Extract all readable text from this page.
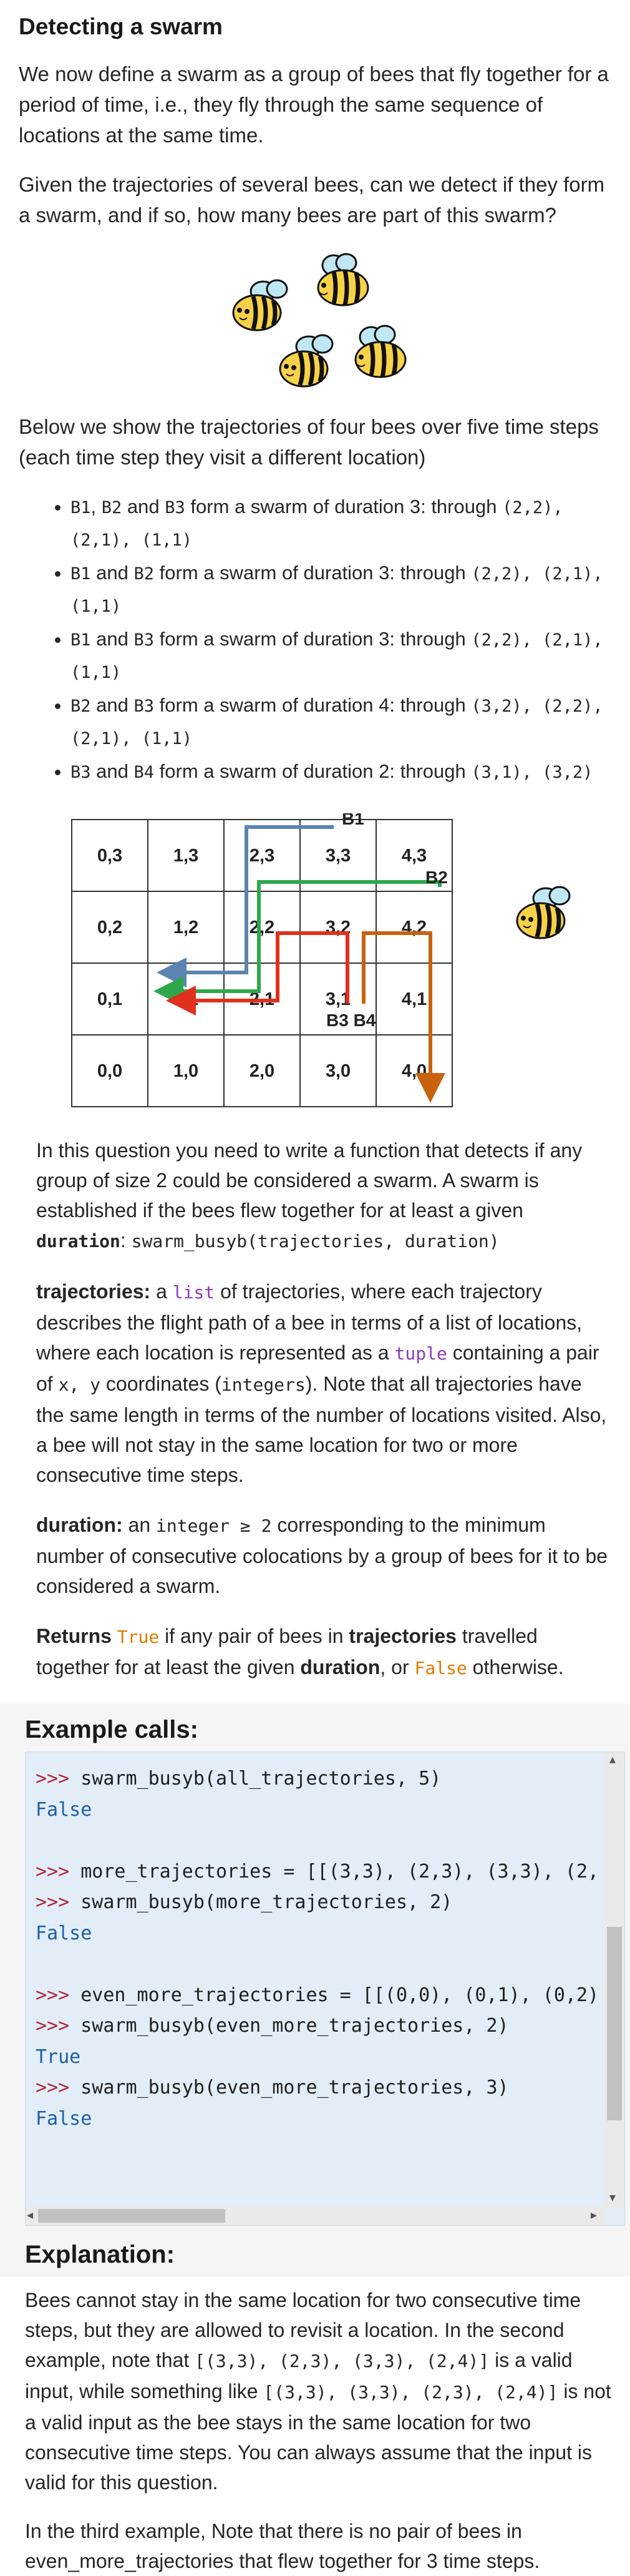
Detecting a swarm

We now define a swarm as a group of bees that fly together for a period of time, i.e., they fly through the same sequence of locations at the same time.

Given the trajectories of several bees, can we detect if they form a swarm, and if so, how many bees are part of this swarm?

Below we show the trajectories of four bees over five time steps (each time step they visit a different location)

• B1, B2 and B3 form a swarm of duration 3: through (2,2), (2,1), (1,1)
• B1 and B2 form a swarm of duration 3: through (2,2), (2,1), (1,1)
• B1 and B3 form a swarm of duration 3: through (2,2), (2,1), (1,1)
• B2 and B3 form a swarm of duration 4: through (3,2), (2,2), (2,1), (1,1)
• B3 and B4 form a swarm of duration 2: through (3,1), (3,2)
0,3	1,3	2,3	3,3	4,3
0,2	1,2	2,2	3,2	4,2
0,1	1,1	2,1	3,1	4,1
0,0	1,0	2,0	3,0	4,0
B1
B2
B3 B4

In this question you need to write a function that detects if any group of size 2 could be considered a swarm. A swarm is established if the bees flew together for at least a given duration: swarm_busyb(trajectories, duration)

trajectories: a list of trajectories, where each trajectory describes the flight path of a bee in terms of a list of locations, where each location is represented as a tuple containing a pair of x, y coordinates (integers). Note that all trajectories have the same length in terms of the number of locations visited. Also, a bee will not stay in the same location for two or more consecutive time steps.

duration: an integer ≥ 2 corresponding to the minimum number of consecutive colocations by a group of bees for it to be considered a swarm.

Returns True if any pair of bees in trajectories travelled together for at least the given duration, or False otherwise.

Example calls:
>>> swarm_busyb(all_trajectories, 5)
False

>>> more_trajectories = [[(3,3), (2,3), (3,3), (2,
>>> swarm_busyb(more_trajectories, 2)
False

>>> even_more_trajectories = [[(0,0), (0,1), (0,2)
>>> swarm_busyb(even_more_trajectories, 2)
True
>>> swarm_busyb(even_more_trajectories, 3)
False
▴
▾
◂	▸
Explanation:

Bees cannot stay in the same location for two consecutive time steps, but they are allowed to revisit a location. In the second example, note that [(3,3), (2,3), (3,3), (2,4)] is a valid input, while something like [(3,3), (3,3), (2,3), (2,4)] is not a valid input as the bee stays in the same location for two consecutive time steps. You can always assume that the input is valid for this question.

In the third example, Note that there is no pair of bees in even_more_trajectories that flew together for 3 time steps.
